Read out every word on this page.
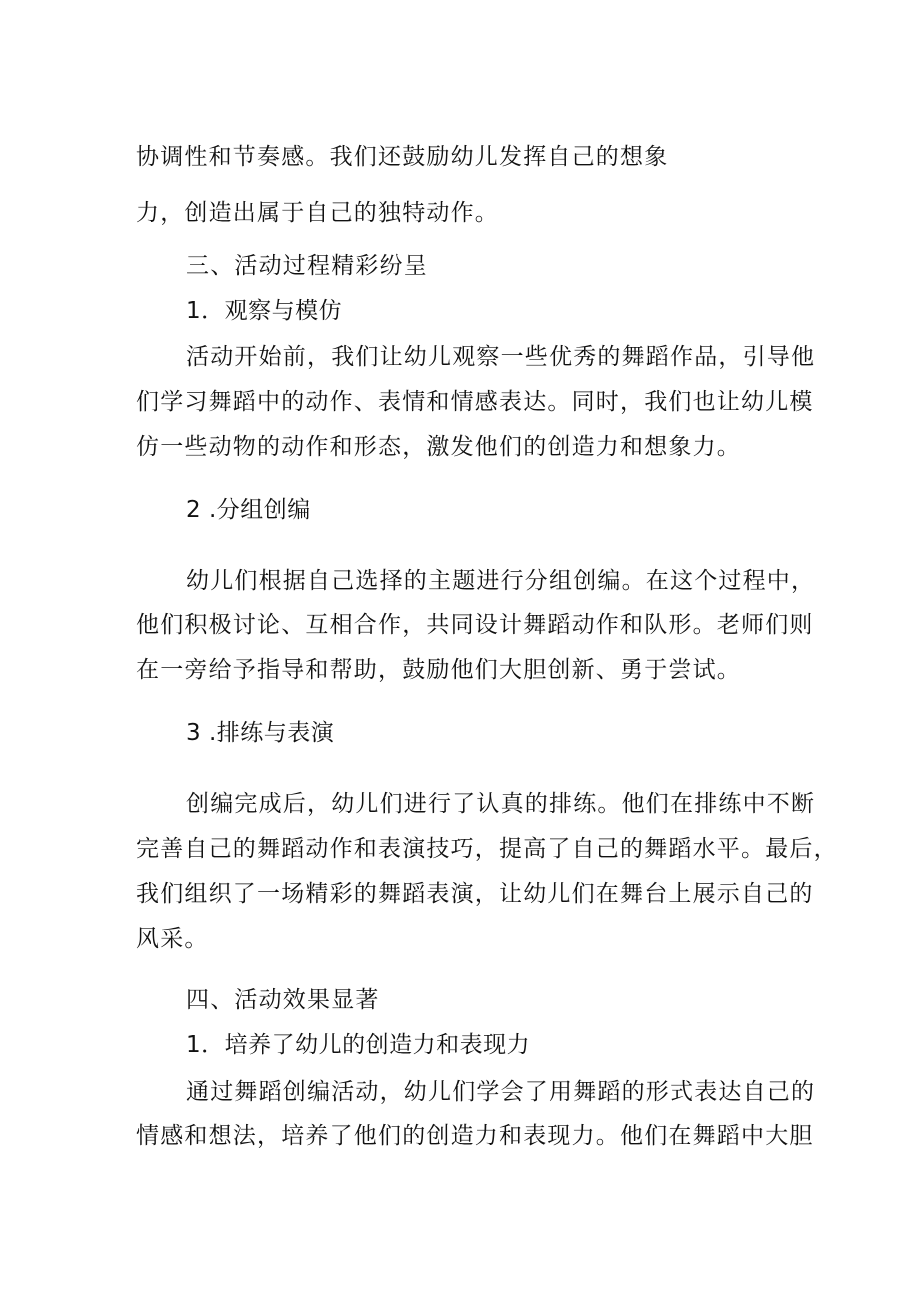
协调性和节奏感。我们还鼓励幼儿发挥自己的想象
力，创造出属于自己的独特动作。
三、活动过程精彩纷呈
1．观察与模仿
活动开始前，我们让幼儿观察一些优秀的舞蹈作品，引导他
们学习舞蹈中的动作、表情和情感表达。同时，我们也让幼儿模
仿一些动物的动作和形态，激发他们的创造力和想象力。
2 .分组创编
幼儿们根据自己选择的主题进行分组创编。在这个过程中，
他们积极讨论、互相合作，共同设计舞蹈动作和队形。老师们则
在一旁给予指导和帮助，鼓励他们大胆创新、勇于尝试。
3 .排练与表演
创编完成后，幼儿们进行了认真的排练。他们在排练中不断
完善自己的舞蹈动作和表演技巧，提高了自己的舞蹈水平。最后，
我们组织了一场精彩的舞蹈表演，让幼儿们在舞台上展示自己的
风采。
四、活动效果显著
1．培养了幼儿的创造力和表现力
通过舞蹈创编活动，幼儿们学会了用舞蹈的形式表达自己的
情感和想法，培养了他们的创造力和表现力。他们在舞蹈中大胆
